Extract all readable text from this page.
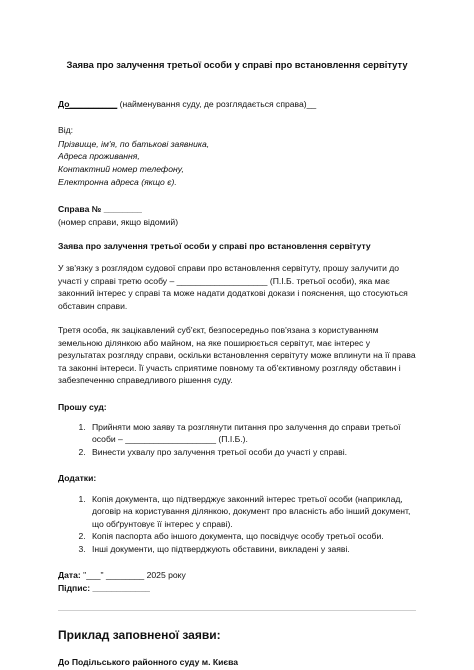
Заява про залучення третьої особи у справі про встановлення сервітуту

До__________ (найменування суду, де розглядається справа)__

Від:

Прізвище, ім'я, по батькові заявника,
Адреса проживання,
Контактний номер телефону,
Електронна адреса (якщо є).

Справа № ________

(номер справи, якщо відомий)

Заява про залучення третьої особи у справі про встановлення сервітуту

У зв'язку з розглядом судової справи про встановлення сервітуту, прошу залучити до участі у справі третю особу – ___________________ (П.І.Б. третьої особи), яка має законний інтерес у справі та може надати додаткові докази і пояснення, що стосуються обставин справи.

Третя особа, як зацікавлений суб'єкт, безпосередньо пов'язана з користуванням земельною ділянкою або майном, на яке поширюється сервітут, має інтерес у результатах розгляду справи, оскільки встановлення сервітуту може вплинути на її права та законні інтереси. Її участь сприятиме повному та об'єктивному розгляду обставин і забезпеченню справедливого рішення суду.

Прошу суд:

1. Прийняти мою заяву та розглянути питання про залучення до справи третьої особи – ___________________ (П.І.Б.).
2. Винести ухвалу про залучення третьої особи до участі у справі.

Додатки:

1. Копія документа, що підтверджує законний інтерес третьої особи (наприклад, договір на користування ділянкою, документ про власність або інший документ, що обґрунтовує її інтерес у справі).
2. Копія паспорта або іншого документа, що посвідчує особу третьої особи.
3. Інші документи, що підтверджують обставини, викладені у заяві.

Дата: "___" ________ 2025 року

Підпис: ____________

Приклад заповненої заяви:

До Подільського районного суду м. Києва
